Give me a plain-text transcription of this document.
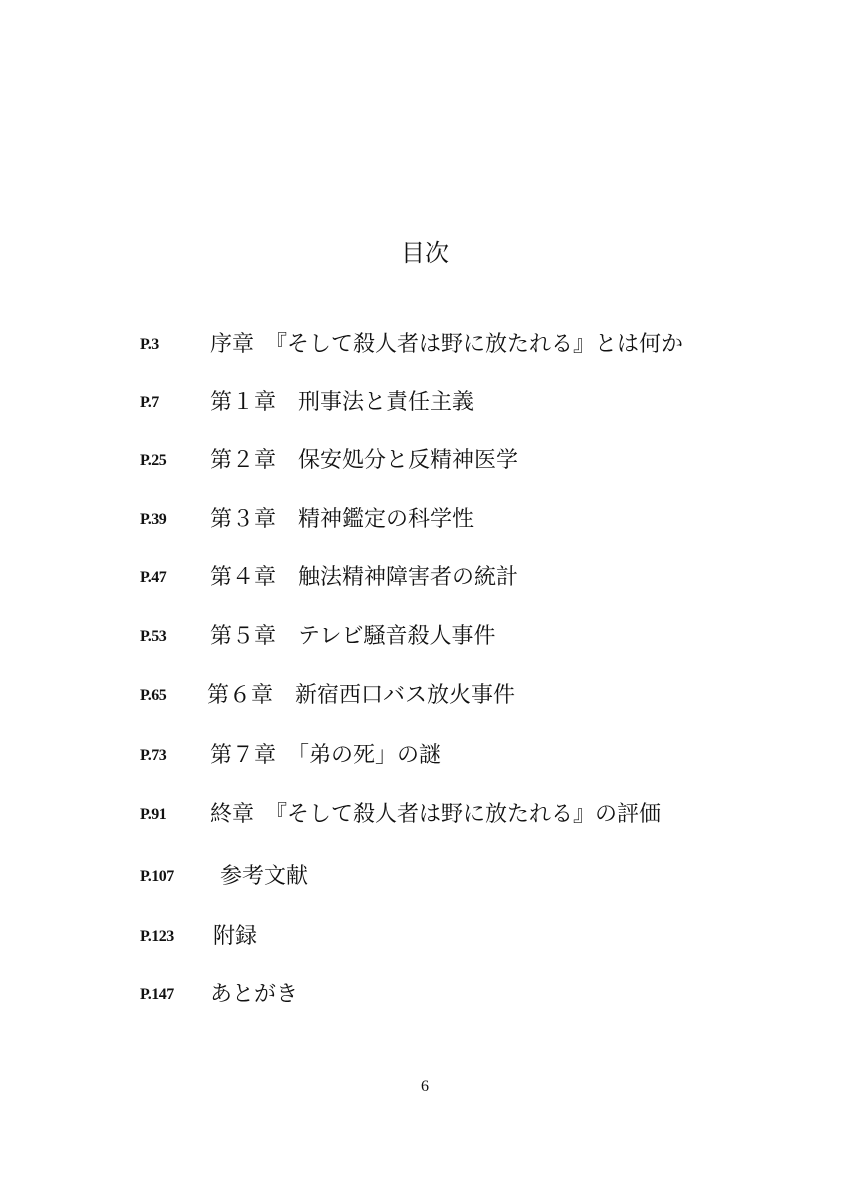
目次
P.3 序章　『そして殺人者は野に放たれる』とは何か
P.7 第１章　刑事法と責任主義
P.25 第２章　保安処分と反精神医学
P.39 第３章　精神鑑定の科学性
P.47 第４章　触法精神障害者の統計
P.53 第５章　テレビ騒音殺人事件
P.65 第６章　新宿西口バス放火事件
P.73 第７章　「弟の死」の謎
P.91 終章　『そして殺人者は野に放たれる』の評価
P.107 参考文献
P.123 附録
P.147 あとがき
6
